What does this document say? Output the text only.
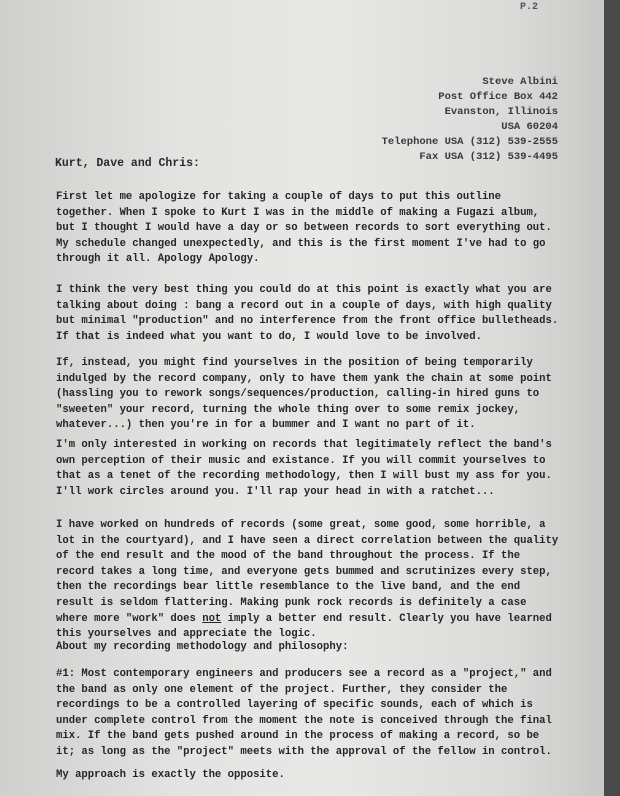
P.2
Steve Albini
Post Office Box 442
Evanston, Illinois
USA 60204
Telephone USA (312) 539-2555
Fax USA (312) 539-4495
Kurt, Dave and Chris:
First let me apologize for taking a couple of days to put this outline
together. When I spoke to Kurt I was in the middle of making a Fugazi album,
but I thought I would have a day or so between records to sort everything out.
My schedule changed unexpectedly, and this is the first moment I've had to go
through it all. Apology Apology.
I think the very best thing you could do at this point is exactly what you are
talking about doing : bang a record out in a couple of days, with high quality
but minimal "production" and no interference from the front office bulletheads.
If that is indeed what you want to do, I would love to be involved.
If, instead, you might find yourselves in the position of being temporarily
indulged by the record company, only to have them yank the chain at some point
(hassling you to rework songs/sequences/production, calling-in hired guns to
"sweeten" your record, turning the whole thing over to some remix jockey,
whatever...) then you're in for a bummer and I want no part of it.
I'm only interested in working on records that legitimately reflect the band's
own perception of their music and existance. If you will commit yourselves to
that as a tenet of the recording methodology, then I will bust my ass for you.
I'll work circles around you. I'll rap your head in with a ratchet...
I have worked on hundreds of records (some great, some good, some horrible, a
lot in the courtyard), and I have seen a direct correlation between the quality
of the end result and the mood of the band throughout the process. If the
record takes a long time, and everyone gets bummed and scrutinizes every step,
then the recordings bear little resemblance to the live band, and the end
result is seldom flattering. Making punk rock records is definitely a case
where more "work" does not imply a better end result. Clearly you have learned
this yourselves and appreciate the logic.
About my recording methodology and philosophy:
#1: Most contemporary engineers and producers see a record as a "project," and
the band as only one element of the project. Further, they consider the
recordings to be a controlled layering of specific sounds, each of which is
under complete control from the moment the note is conceived through the final
mix. If the band gets pushed around in the process of making a record, so be
it; as long as the "project" meets with the approval of the fellow in control.
My approach is exactly the opposite.
